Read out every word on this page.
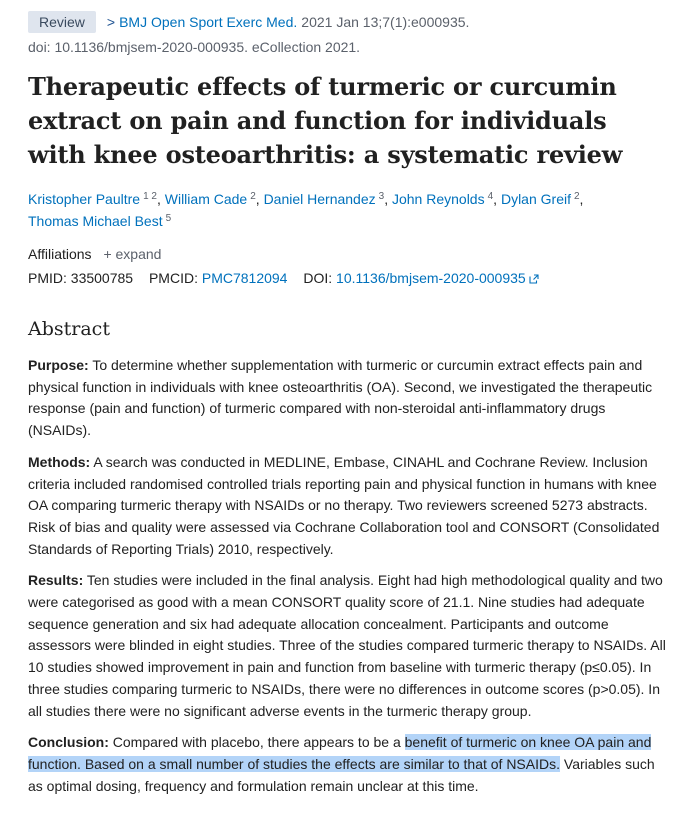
Review	> BMJ Open Sport Exerc Med. 2021 Jan 13;7(1):e000935.
doi: 10.1136/bmjsem-2020-000935. eCollection 2021.
Therapeutic effects of turmeric or curcumin extract on pain and function for individuals with knee osteoarthritis: a systematic review
Kristopher Paultre $^{1 2}$, William Cade $^2$, Daniel Hernandez $^3$, John Reynolds $^4$, Dylan Greif $^2$,
Thomas Michael Best $^5$
Affiliations + expand
PMID: 33500785 PMCID: PMC7812094 DOI: 10.1136/bmjsem-2020-000935
Abstract

Purpose: To determine whether supplementation with turmeric or curcumin extract effects pain and physical function in individuals with knee osteoarthritis (OA). Second, we investigated the therapeutic response (pain and function) of turmeric compared with non-steroidal anti-inflammatory drugs (NSAIDs).

Methods: A search was conducted in MEDLINE, Embase, CINAHL and Cochrane Review. Inclusion criteria included randomised controlled trials reporting pain and physical function in humans with knee OA comparing turmeric therapy with NSAIDs or no therapy. Two reviewers screened 5273 abstracts. Risk of bias and quality were assessed via Cochrane Collaboration tool and CONSORT (Consolidated Standards of Reporting Trials) 2010, respectively.

Results: Ten studies were included in the final analysis. Eight had high methodological quality and two were categorised as good with a mean CONSORT quality score of 21.1. Nine studies had adequate sequence generation and six had adequate allocation concealment. Participants and outcome assessors were blinded in eight studies. Three of the studies compared turmeric therapy to NSAIDs. All 10 studies showed improvement in pain and function from baseline with turmeric therapy (p≤0.05). In three studies comparing turmeric to NSAIDs, there were no differences in outcome scores (p>0.05). In all studies there were no significant adverse events in the turmeric therapy group.

Conclusion: Compared with placebo, there appears to be a benefit of turmeric on knee OA pain and function. Based on a small number of studies the effects are similar to that of NSAIDs. Variables such as optimal dosing, frequency and formulation remain unclear at this time.
